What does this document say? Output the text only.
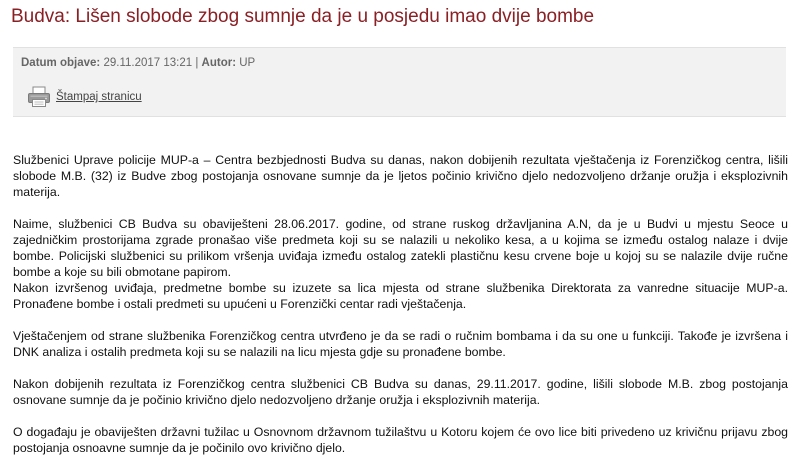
Budva: Lišen slobode zbog sumnje da je u posjedu imao dvije bombe
Datum objave: 29.11.2017 13:21 | Autor: UP
Štampaj stranicu

Službenici Uprave policije MUP-a – Centra bezbjednosti Budva su danas, nakon dobijenih rezultata vještačenja iz Forenzičkog centra, lišili slobode M.B. (32) iz Budve zbog postojanja osnovane sumnje da je ljetos počinio krivično djelo nedozvoljeno držanje oružja i eksplozivnih materija.

Naime, službenici CB Budva su obaviješteni 28.06.2017. godine, od strane ruskog državljanina A.N, da je u Budvi u mjestu Seoce u zajedničkim prostorijama zgrade pronašao više predmeta koji su se nalazili u nekoliko kesa, a u kojima se između ostalog nalaze i dvije bombe. Policijski službenici su prilikom vršenja uviđaja između ostalog zatekli plastičnu kesu crvene boje u kojoj su se nalazile dvije ručne bombe a koje su bili obmotane papirom.
Nakon izvršenog uviđaja, predmetne bombe su izuzete sa lica mjesta od strane službenika Direktorata za vanredne situacije MUP-a. Pronađene bombe i ostali predmeti su upućeni u Forenzički centar radi vještačenja.

Vještačenjem od strane službenika Forenzičkog centra utvrđeno je da se radi o ručnim bombama i da su one u funkciji. Takođe je izvršena i DNK analiza i ostalih predmeta koji su se nalazili na licu mjesta gdje su pronađene bombe.

Nakon dobijenih rezultata iz Forenzičkog centra službenici CB Budva su danas, 29.11.2017. godine, lišili slobode M.B. zbog postojanja osnovane sumnje da je počinio krivično djelo nedozvoljeno držanje oružja i eksplozivnih materija.

O događaju je obaviješten državni tužilac u Osnovnom državnom tužilaštvu u Kotoru kojem će ovo lice biti privedeno uz krivičnu prijavu zbog postojanja osnoavne sumnje da je počinilo ovo krivično djelo.
